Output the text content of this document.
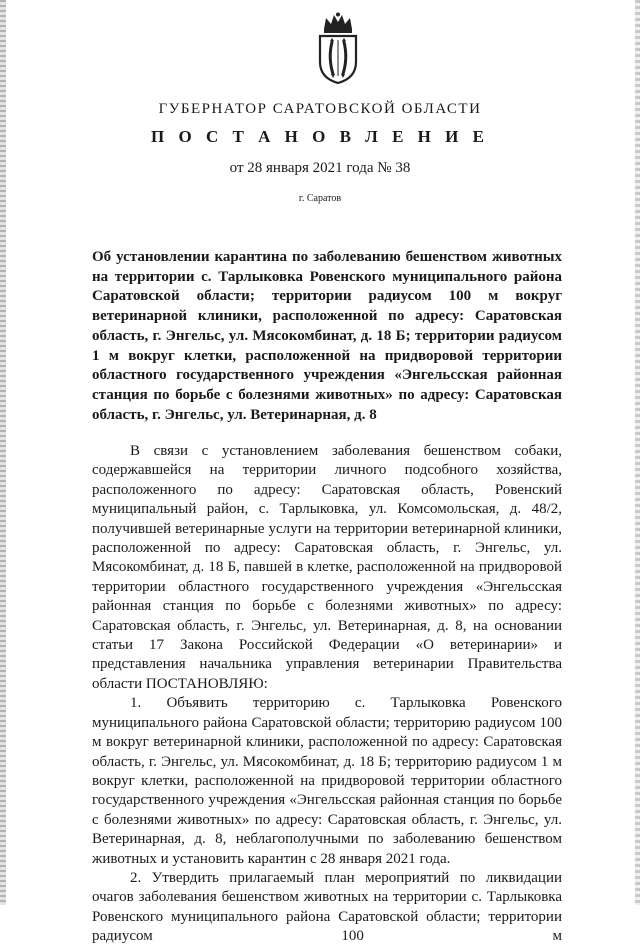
ГУБЕРНАТОР САРАТОВСКОЙ ОБЛАСТИ
П О С Т А Н О В Л Е Н И Е
от 28 января 2021 года № 38
г. Саратов
Об установлении карантина по заболеванию бешенством животных на территории с. Тарлыковка Ровенского муниципального района Саратовской области; территории радиусом 100 м вокруг ветеринарной клиники, расположенной по адресу: Саратовская область, г. Энгельс, ул. Мясокомбинат, д. 18 Б; территории радиусом 1 м вокруг клетки, расположенной на придворовой территории областного государственного учреждения «Энгельсская районная станция по борьбе с болезнями животных» по адресу: Саратовская область, г. Энгельс, ул. Ветеринарная, д. 8

В связи с установлением заболевания бешенством собаки, содержавшейся на территории личного подсобного хозяйства, расположенного по адресу: Саратовская область, Ровенский муниципальный район, с. Тарлыковка, ул. Комсомольская, д. 48/2, получившей ветеринарные услуги на территории ветеринарной клиники, расположенной по адресу: Саратовская область, г. Энгельс, ул. Мясокомбинат, д. 18 Б, павшей в клетке, расположенной на придворовой территории областного государственного учреждения «Энгельсская районная станция по борьбе с болезнями животных» по адресу: Саратовская область, г. Энгельс, ул. Ветеринарная, д. 8, на основании статьи 17 Закона Российской Федерации «О ветеринарии» и представления начальника управления ветеринарии Правительства области ПОСТАНОВЛЯЮ:

1. Объявить территорию с. Тарлыковка Ровенского муниципального района Саратовской области; территорию радиусом 100 м вокруг ветеринарной клиники, расположенной по адресу: Саратовская область, г. Энгельс, ул. Мясокомбинат, д. 18 Б; территорию радиусом 1 м вокруг клетки, расположенной на придворовой территории областного государственного учреждения «Энгельсская районная станция по борьбе с болезнями животных» по адресу: Саратовская область, г. Энгельс, ул. Ветеринарная, д. 8, неблагополучными по заболеванию бешенством животных и установить карантин с 28 января 2021 года.

2. Утвердить прилагаемый план мероприятий по ликвидации очагов заболевания бешенством животных на территории с. Тарлыковка Ровенского муниципального района Саратовской области; территории радиусом 100 м
